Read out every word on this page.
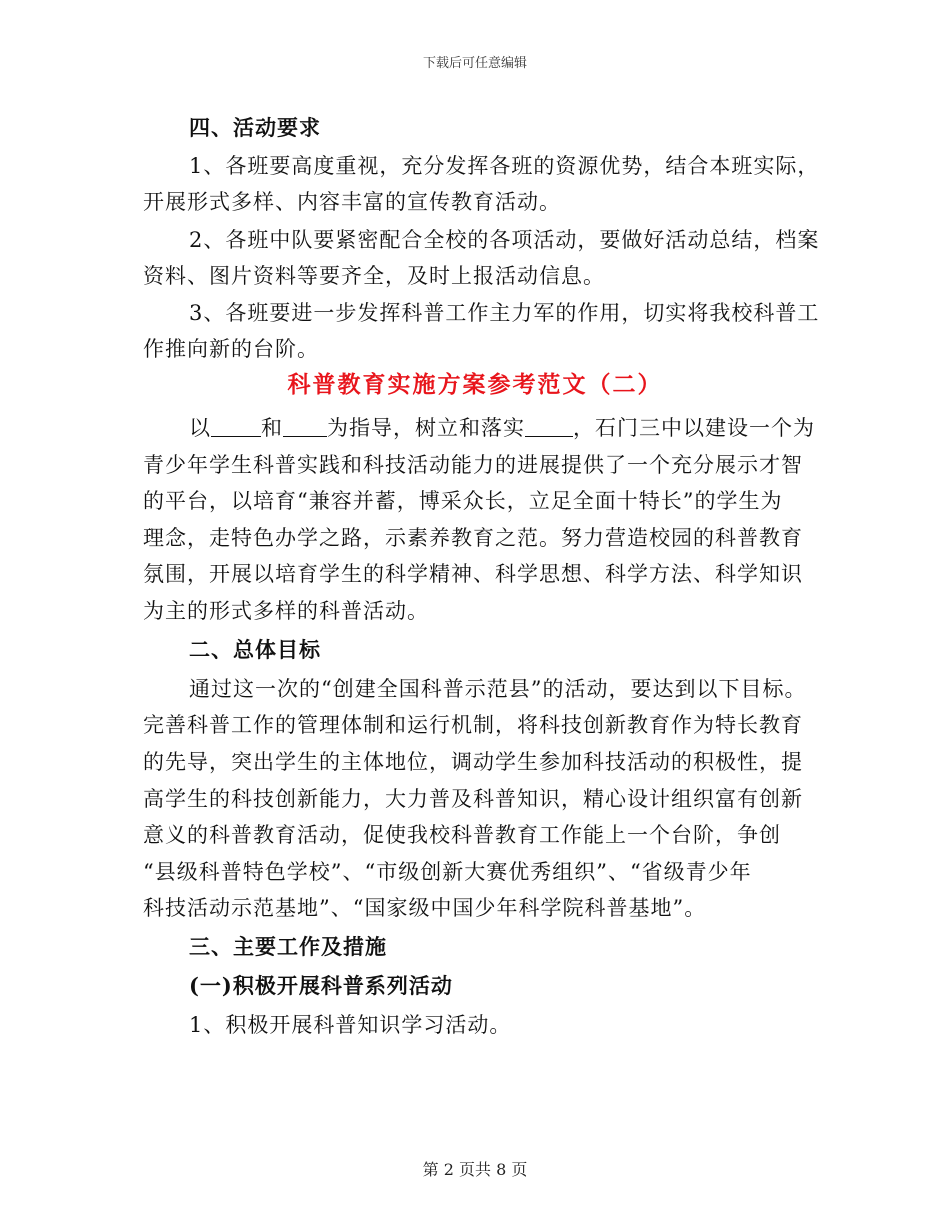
下载后可任意编辑
四、活动要求
1、各班要高度重视，充分发挥各班的资源优势，结合本班实际，
开展形式多样、内容丰富的宣传教育活动。
2、各班中队要紧密配合全校的各项活动，要做好活动总结，档案
资料、图片资料等要齐全，及时上报活动信息。
3、各班要进一步发挥科普工作主力军的作用，切实将我校科普工
作推向新的台阶。
科普教育实施方案参考范文（二）
以 和 为指导，树立和落实 ，石门三中以建设一个为
青少年学生科普实践和科技活动能力的进展提供了一个充分展示才智
的平台，以培育“兼容并蓄，博采众长，立足全面十特长”的学生为
理念，走特色办学之路，示素养教育之范。努力营造校园的科普教育
氛围，开展以培育学生的科学精神、科学思想、科学方法、科学知识
为主的形式多样的科普活动。
二、总体目标
通过这一次的“创建全国科普示范县”的活动，要达到以下目标。
完善科普工作的管理体制和运行机制，将科技创新教育作为特长教育
的先导，突出学生的主体地位，调动学生参加科技活动的积极性，提
高学生的科技创新能力，大力普及科普知识，精心设计组织富有创新
意义的科普教育活动，促使我校科普教育工作能上一个台阶，争创
“县级科普特色学校”、“市级创新大赛优秀组织”、“省级青少年
科技活动示范基地”、“国家级中国少年科学院科普基地”。
三、主要工作及措施
(一)积极开展科普系列活动
1、积极开展科普知识学习活动。
第 2 页共 8 页
